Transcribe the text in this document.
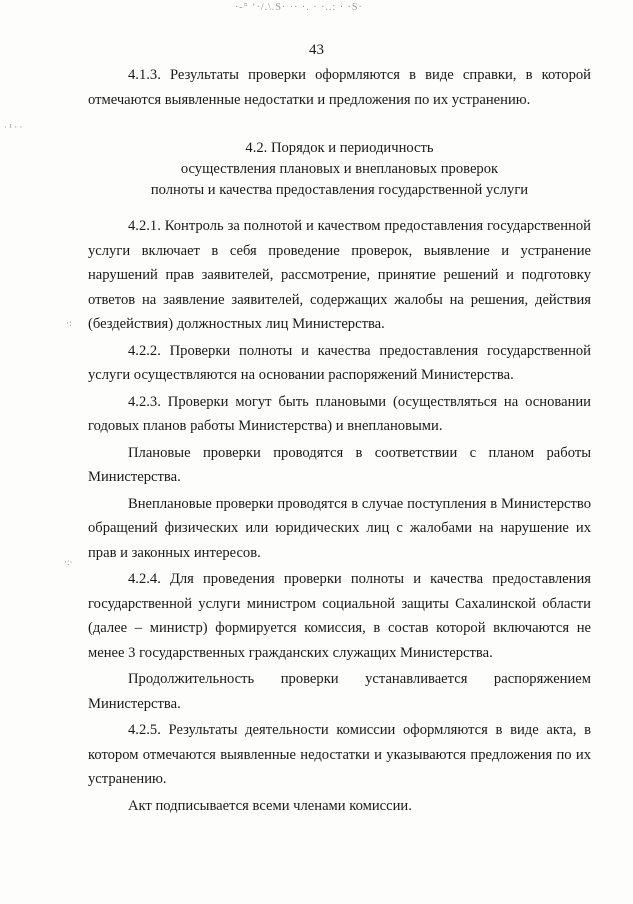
·-° ‘·/.\.S· ·· ·. · ·..: · ·S·
43

4.1.3. Результаты проверки оформляются в виде справки, в которой отмечаются выявленные недостатки и предложения по их устранению.

· ¹ · ·
4.2. Порядок и периодичность
осуществления плановых и внеплановых проверок
полноты и качества предоставления государственной услуги

4.2.1. Контроль за полнотой и качеством предоставления государственной услуги включает в себя проведение проверок, выявление и устранение нарушений прав заявителей, рассмотрение, принятие решений и подготовку ответов на заявление заявителей, содержащих жалобы на решения, действия (бездействия) должностных лиц Министерства.

4.2.2. Проверки полноты и качества предоставления государственной услуги осуществляются на основании распоряжений Министерства.

4.2.3. Проверки могут быть плановыми (осуществляться на основании годовых планов работы Министерства) и внеплановыми.

Плановые проверки проводятся в соответствии с планом работы Министерства.

Внеплановые проверки проводятся в случае поступления в Министерство обращений физических или юридических лиц с жалобами на нарушение их прав и законных интересов.

4.2.4. Для проведения проверки полноты и качества предоставления государственной услуги министром социальной защиты Сахалинской области (далее – министр) формируется комиссия, в состав которой включаются не менее 3 государственных гражданских служащих Министерства.

Продолжительность проверки устанавливается распоряжением Министерства.

4.2.5. Результаты деятельности комиссии оформляются в виде акта, в котором отмечаются выявленные недостатки и указываются предложения по их устранению.

Акт подписывается всеми членами комиссии.

·:
·:·
